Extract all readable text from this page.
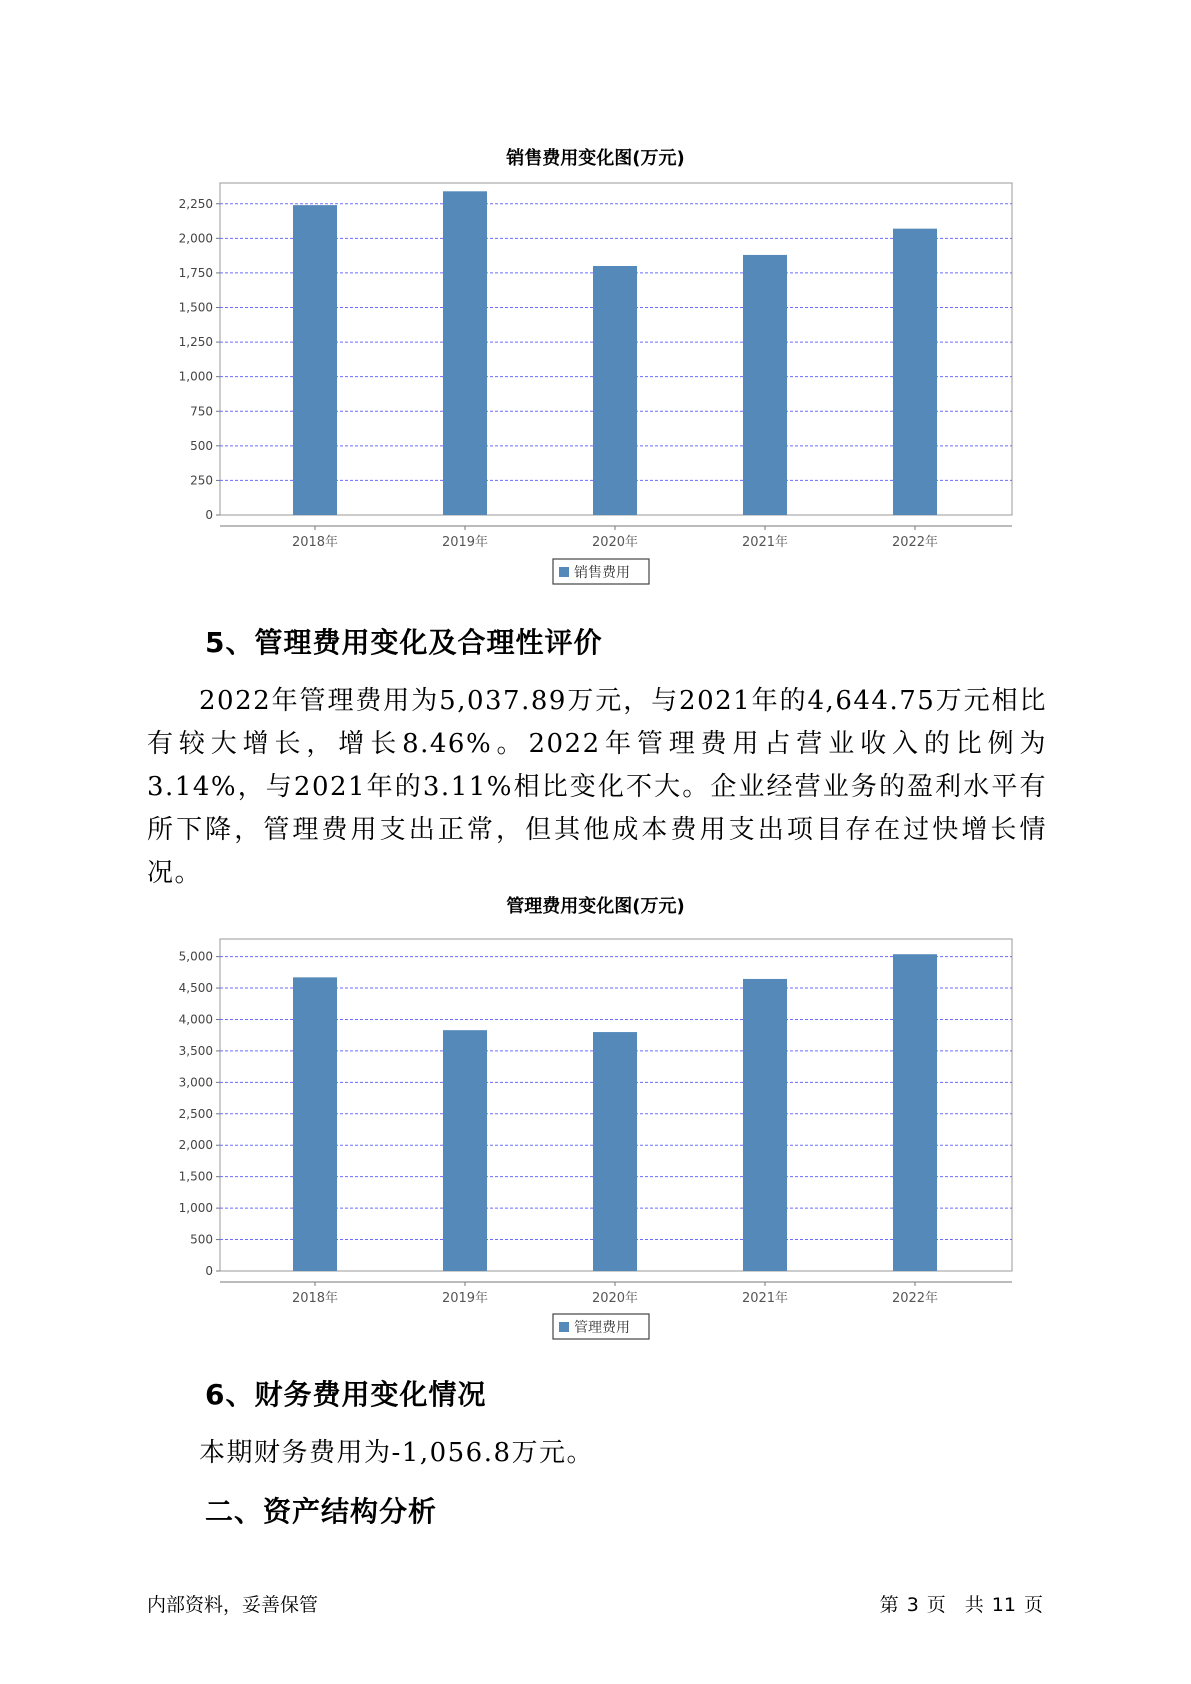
销售费用变化图(万元)
0
250
500
750
1,000
1,250
1,500
1,750
2,000
2,250
2018年	2019年	2020年	2021年	2022年
销售费用
5、管理费用变化及合理性评价

2022年管理费用为5,037.89万元，与2021年的4,644.75万元相比有较大增长，增长8.46%。2022年管理费用占营业收入的比例为3.14%，与2021年的3.11%相比变化不大。企业经营业务的盈利水平有所下降，管理费用支出正常，但其他成本费用支出项目存在过快增长情况。

管理费用变化图(万元)
0
500
1,000
1,500
2,000
2,500
3,000
3,500
4,000
4,500
5,000
2018年	2019年	2020年	2021年	2022年
管理费用
6、财务费用变化情况

本期财务费用为-1,056.8万元。

二、资产结构分析
内部资料，妥善保管	第 3 页　共 11 页
